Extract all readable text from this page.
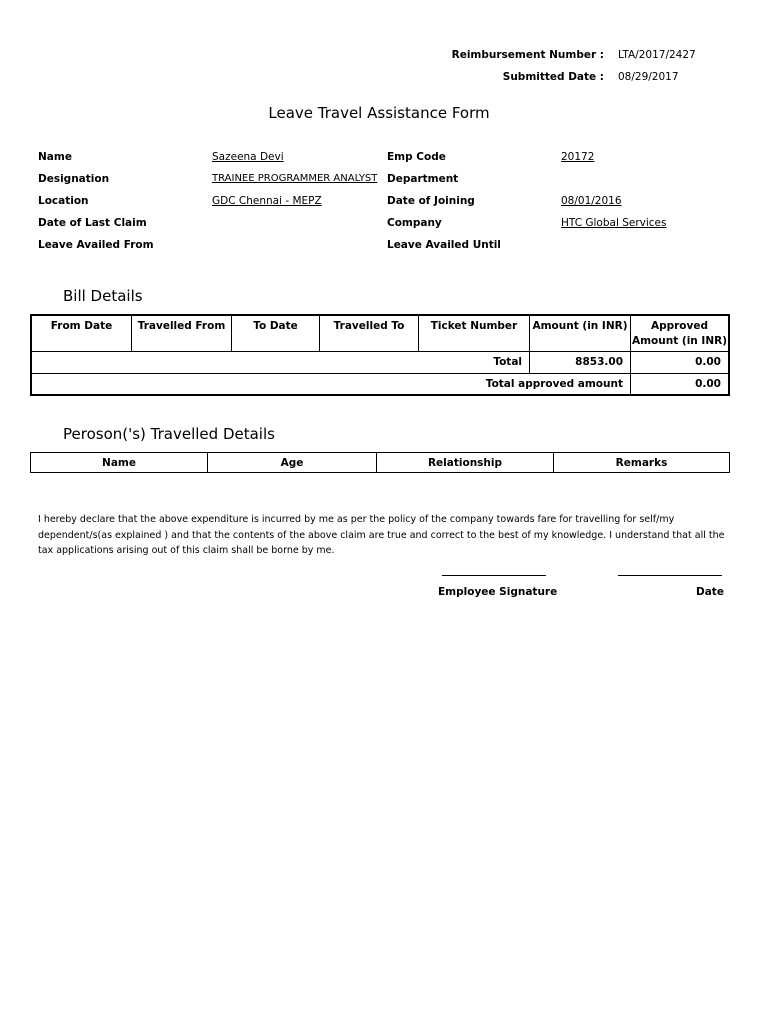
Reimbursement Number : LTA/2017/2427
Submitted Date : 08/29/2017
Leave Travel Assistance Form
Name	Sazeena Devi
Designation	TRAINEE PROGRAMMER ANALYST
Location	GDC Chennai - MEPZ
Date of Last Claim
Leave Availed From
Emp Code	20172
Department
Date of Joining	08/01/2016
Company	HTC Global Services
Leave Availed Until
Bill Details
From Date	Travelled From	To Date	Travelled To	Ticket Number	Amount (in INR)	Approved Amount (in INR)
Total					8853.00	0.00
Total approved amount						0.00
Peroson('s) Travelled Details
Name	Age	Relationship	Remarks
I hereby declare that the above expenditure is incurred by me as per the policy of the company towards fare for travelling for self/my dependent/s(as explained ) and that the contents of the above claim are true and correct to the best of my knowledge. I understand that all the tax applications arising out of this claim shall be borne by me.
Employee Signature	Date
